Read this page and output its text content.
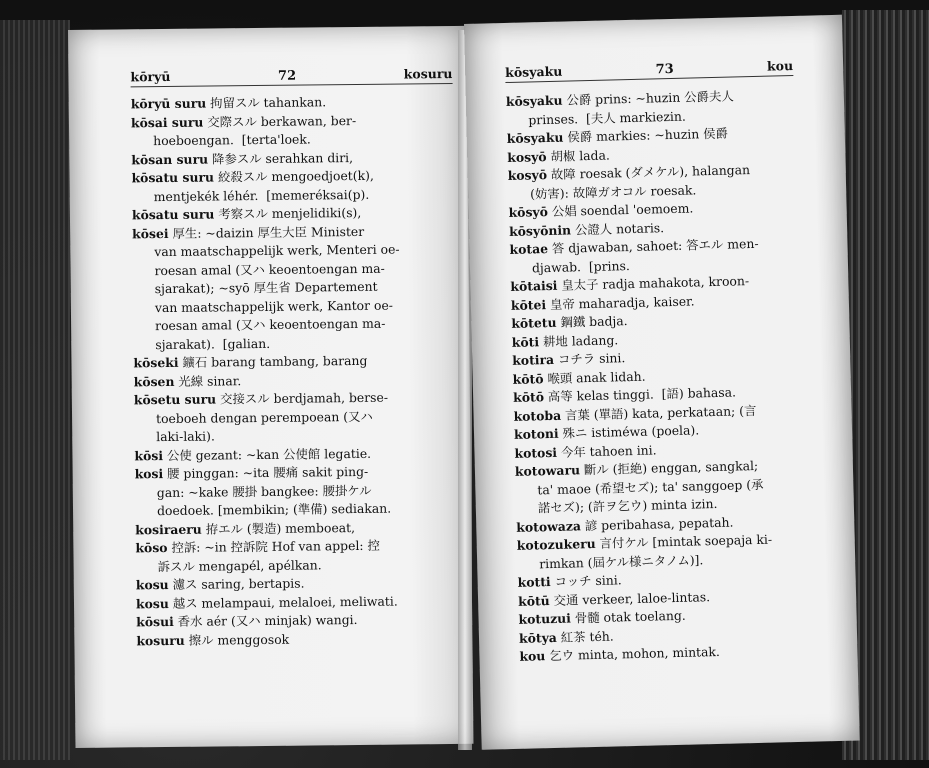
kōryū	72	kosuru

kōryū suru 拘留スル tahankan.

kōsai suru 交際スル berkawan, ber-

hoeboengan.  [terta'loek.

kōsan suru 降参スル serahkan diri,

kōsatu suru 絞殺スル mengoedjoet(k),

mentjekék léhér.  [memeréksai(p).

kōsatu suru 考察スル menjelidiki(s),

kōsei 厚生: ~daizin 厚生大臣 Minister

van maatschappelijk werk, Menteri oe-

roesan amal (又ハ keoentoengan ma-

sjarakat); ~syō 厚生省 Departement

van maatschappelijk werk, Kantor oe-

roesan amal (又ハ keoentoengan ma-

sjarakat).  [galian.

kōseki 鑛石 barang tambang, barang

kōsen 光線 sinar.

kōsetu suru 交接スル berdjamah, berse-

toeboeh dengan perempoean (又ハ

laki-laki).

kōsi 公使 gezant: ~kan 公使館 legatie.

kosi 腰 pinggan: ~ita 腰痛 sakit ping-

gan: ~kake 腰掛 bangkee: 腰掛ケル

doedoek. [membikin; (準備) sediakan.

kosiraeru 拵エル (製造) memboeat,

kōso 控訴: ~in 控訴院 Hof van appel: 控

訴スル mengapél, apélkan.

kosu 濾ス saring, bertapis.

kosu 越ス melampaui, melaloei, meliwati.

kōsui 香水 aér (又ハ minjak) wangi.

kosuru 擦ル menggosok

kōsyaku	73	kou

kōsyaku 公爵 prins: ~huzin 公爵夫人

prinses.  [夫人 markiezin.

kōsyaku 侯爵 markies: ~huzin 侯爵

kosyō 胡椒 lada.

kosyō 故障 roesak (ダメケル), halangan

(妨害): 故障ガオコル roesak.

kōsyō 公娼 soendal 'oemoem.

kōsyōnin 公證人 notaris.

kotae 答 djawaban, sahoet: 答エル men-

djawab.  [prins.

kōtaisi 皇太子 radja mahakota, kroon-

kōtei 皇帝 maharadja, kaiser.

kōtetu 鋼鐵 badja.

kōti 耕地 ladang.

kotira コチラ sini.

kōtō 喉頭 anak lidah.

kōtō 高等 kelas tinggi.  [語) bahasa.

kotoba 言葉 (單語) kata, perkataan; (言

kotoni 殊ニ istiméwa (poela).

kotosi 今年 tahoen ini.

kotowaru 斷ル (拒絶) enggan, sangkal;

ta' maoe (希望セズ); ta' sanggoep (承

諾セズ); (許ヲ乞ウ) minta izin.

kotowaza 諺 peribahasa, pepatah.

kotozukeru 言付ケル [mintak soepaja ki-

rimkan (屆ケル様ニタノム)].

kotti コッチ sini.

kōtū 交通 verkeer, laloe-lintas.

kotuzui 骨髓 otak toelang.

kōtya 紅茶 téh.

kou 乞ウ minta, mohon, mintak.
